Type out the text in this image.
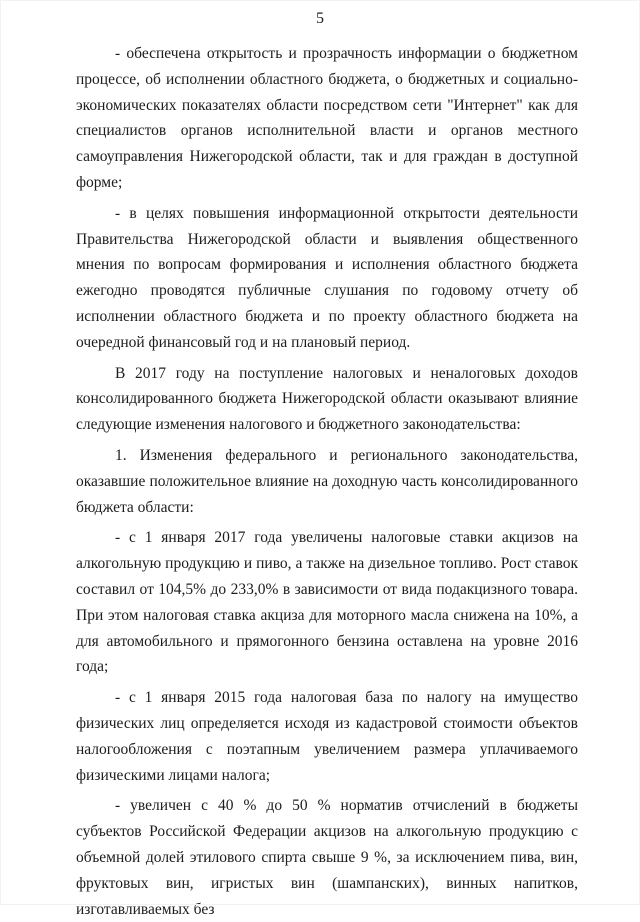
5

- обеспечена открытость и прозрачность информации о бюджетном процессе, об исполнении областного бюджета, о бюджетных и социально-экономических показателях области посредством сети "Интернет" как для специалистов органов исполнительной власти и органов местного самоуправления Нижегородской области, так и для граждан в доступной форме;

- в целях повышения информационной открытости деятельности Правительства Нижегородской области и выявления общественного мнения по вопросам формирования и исполнения областного бюджета ежегодно проводятся публичные слушания по годовому отчету об исполнении областного бюджета и по проекту областного бюджета на очередной финансовый год и на плановый период.

В 2017 году на поступление налоговых и неналоговых доходов консолидированного бюджета Нижегородской области оказывают влияние следующие изменения налогового и бюджетного законодательства:

1. Изменения федерального и регионального законодательства, оказавшие положительное влияние на доходную часть консолидированного бюджета области:

- с 1 января 2017 года увеличены налоговые ставки акцизов на алкогольную продукцию и пиво, а также на дизельное топливо. Рост ставок составил от 104,5% до 233,0% в зависимости от вида подакцизного товара. При этом налоговая ставка акциза для моторного масла снижена на 10%, а для автомобильного и прямогонного бензина оставлена на уровне 2016 года;

- с 1 января 2015 года налоговая база по налогу на имущество физических лиц определяется исходя из кадастровой стоимости объектов налогообложения с поэтапным увеличением размера уплачиваемого физическими лицами налога;

- увеличен с 40 % до 50 % норматив отчислений в бюджеты субъектов Российской Федерации акцизов на алкогольную продукцию с объемной долей этилового спирта свыше 9 %, за исключением пива, вин, фруктовых вин, игристых вин (шампанских), винных напитков, изготавливаемых без
